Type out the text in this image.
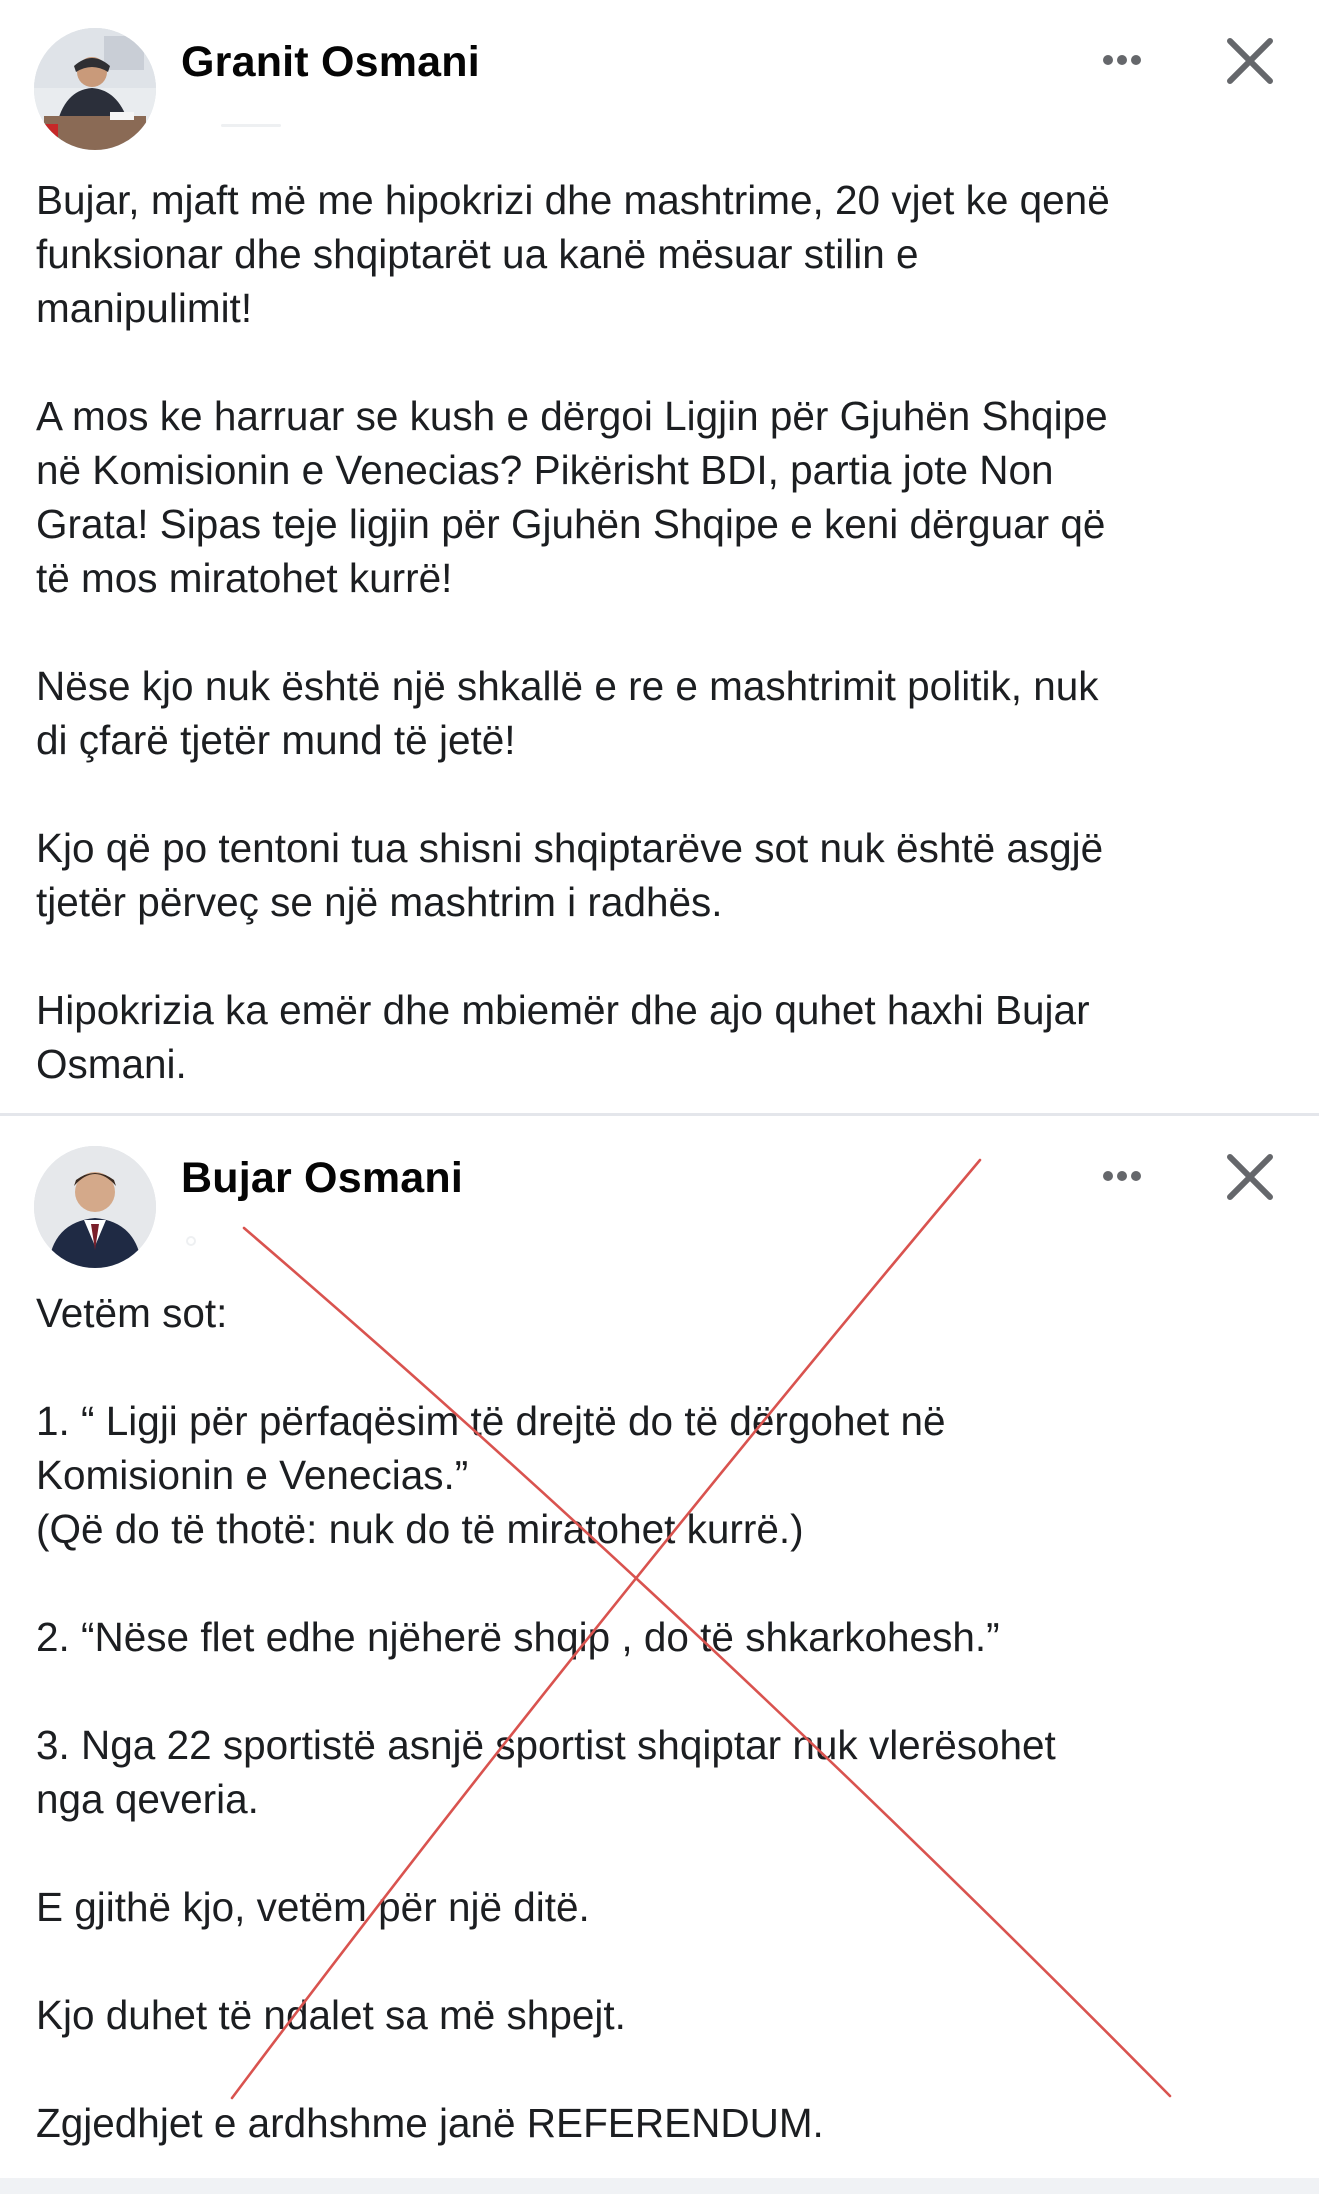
Granit Osmani

Bujar, mjaft më me hipokrizi dhe mashtrime, 20 vjet ke qenë
funksionar dhe shqiptarët ua kanë mësuar stilin e
manipulimit!

A mos ke harruar se kush e dërgoi Ligjin për Gjuhën Shqipe
në Komisionin e Venecias? Pikërisht BDI, partia jote Non
Grata! Sipas teje ligjin për Gjuhën Shqipe e keni dërguar që
të mos miratohet kurrë!

Nëse kjo nuk është një shkallë e re e mashtrimit politik, nuk
di çfarë tjetër mund të jetë!

Kjo që po tentoni tua shisni shqiptarëve sot nuk është asgjë
tjetër përveç se një mashtrim i radhës.

Hipokrizia ka emër dhe mbiemër dhe ajo quhet haxhi Bujar
Osmani.

Bujar Osmani

Vetëm sot:

1. “ Ligji për përfaqësim të drejtë do të dërgohet në
Komisionin e Venecias.”
(Që do të thotë: nuk do të miratohet kurrë.)

2. “Nëse flet edhe njëherë shqip , do të shkarkohesh.”

3. Nga 22 sportistë asnjë sportist shqiptar nuk vlerësohet
nga qeveria.

E gjithë kjo, vetëm për një ditë.

Kjo duhet të ndalet sa më shpejt.

Zgjedhjet e ardhshme janë REFERENDUM.
